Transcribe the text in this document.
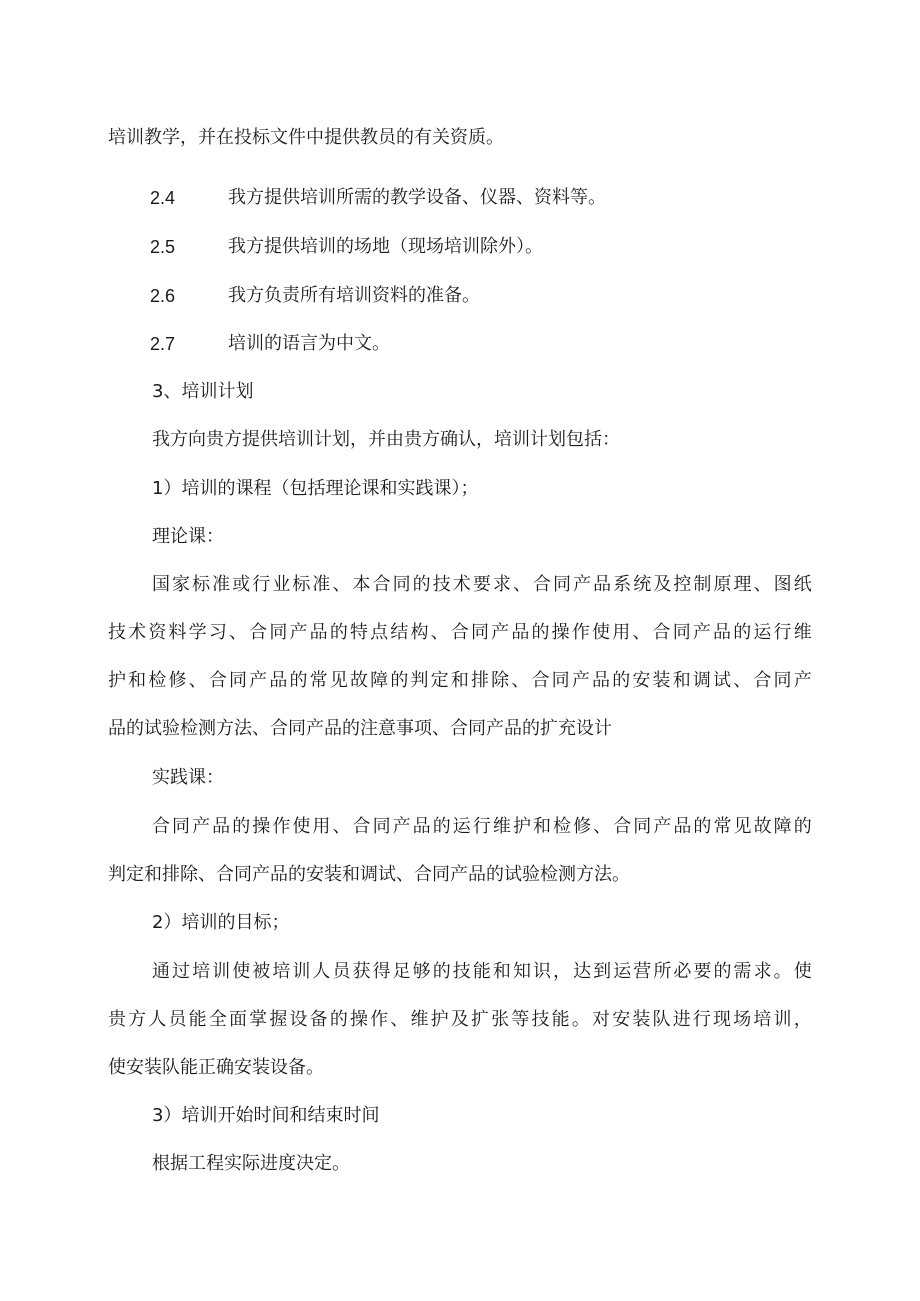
培训教学，并在投标文件中提供教员的有关资质。
2.4	我方提供培训所需的教学设备、仪器、资料等。
2.5	我方提供培训的场地（现场培训除外）。
2.6	我方负责所有培训资料的准备。
2.7	培训的语言为中文。
3、培训计划
我方向贵方提供培训计划，并由贵方确认，培训计划包括：
1）培训的课程（包括理论课和实践课）；
理论课：
国家标准或行业标准、本合同的技术要求、合同产品系统及控制原理、图纸
技术资料学习、合同产品的特点结构、合同产品的操作使用、合同产品的运行维
护和检修、合同产品的常见故障的判定和排除、合同产品的安装和调试、合同产
品的试验检测方法、合同产品的注意事项、合同产品的扩充设计
实践课：
合同产品的操作使用、合同产品的运行维护和检修、合同产品的常见故障的
判定和排除、合同产品的安装和调试、合同产品的试验检测方法。
2）培训的目标；
通过培训使被培训人员获得足够的技能和知识，达到运营所必要的需求。使
贵方人员能全面掌握设备的操作、维护及扩张等技能。对安装队进行现场培训，
使安装队能正确安装设备。
3）培训开始时间和结束时间
根据工程实际进度决定。
